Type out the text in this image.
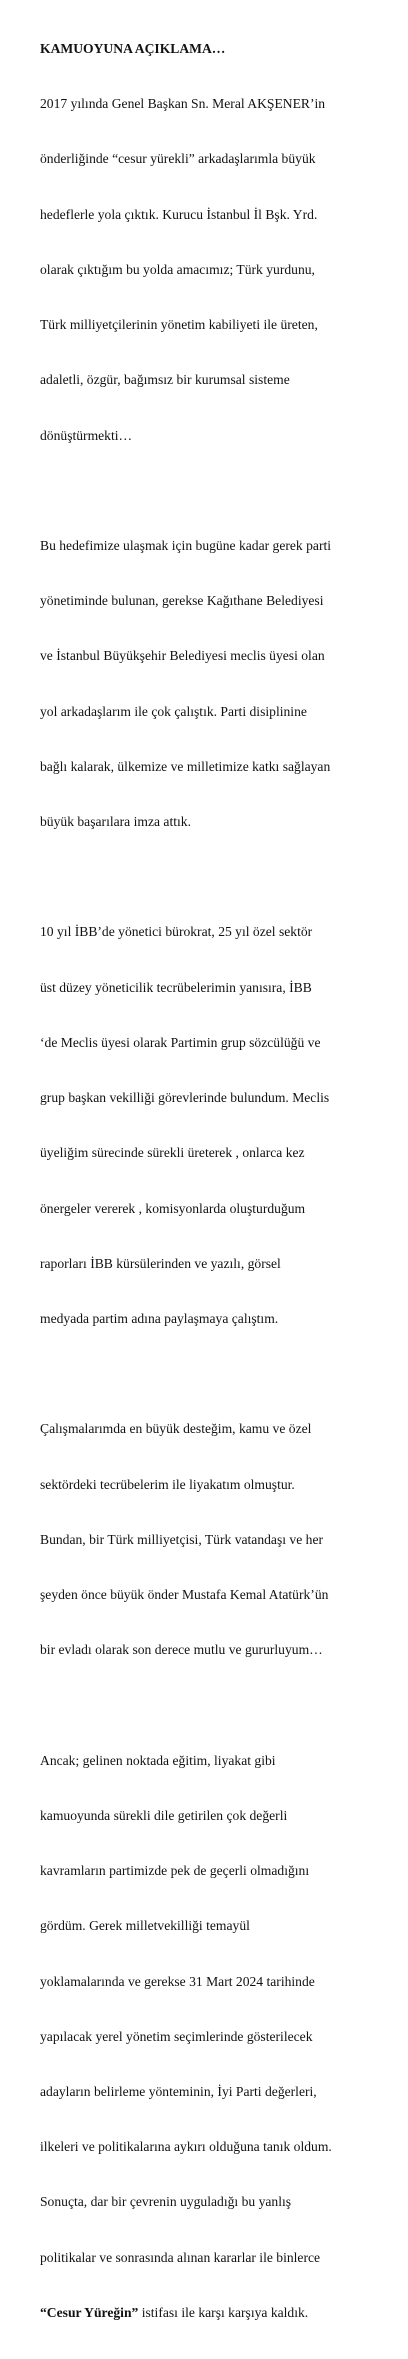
KAMUOYUNA AÇIKLAMA…

2017 yılında Genel Başkan Sn. Meral AKŞENER’in

önderliğinde “cesur yürekli” arkadaşlarımla büyük

hedeflerle yola çıktık. Kurucu İstanbul İl Bşk. Yrd.

olarak çıktığım bu yolda amacımız; Türk yurdunu,

Türk milliyetçilerinin yönetim kabiliyeti ile üreten,

adaletli, özgür, bağımsız bir kurumsal sisteme

dönüştürmekti…

Bu hedefimize ulaşmak için bugüne kadar gerek parti

yönetiminde bulunan, gerekse Kağıthane Belediyesi

ve İstanbul Büyükşehir Belediyesi meclis üyesi olan

yol arkadaşlarım ile çok çalıştık. Parti disiplinine

bağlı kalarak, ülkemize ve milletimize katkı sağlayan

büyük başarılara imza attık.

10 yıl İBB’de yönetici bürokrat, 25 yıl özel sektör

üst düzey yöneticilik tecrübelerimin yanısıra, İBB

‘de Meclis üyesi olarak Partimin grup sözcülüğü ve

grup başkan vekilliği görevlerinde bulundum. Meclis

üyeliğim sürecinde sürekli üreterek , onlarca kez

önergeler vererek , komisyonlarda oluşturduğum

raporları İBB kürsülerinden ve yazılı, görsel

medyada partim adına paylaşmaya çalıştım.

Çalışmalarımda en büyük desteğim, kamu ve özel

sektördeki tecrübelerim ile liyakatım olmuştur.

Bundan, bir Türk milliyetçisi, Türk vatandaşı ve her

şeyden önce büyük önder Mustafa Kemal Atatürk’ün

bir evladı olarak son derece mutlu ve gururluyum…

Ancak; gelinen noktada eğitim, liyakat gibi

kamuoyunda sürekli dile getirilen çok değerli

kavramların partimizde pek de geçerli olmadığını

gördüm. Gerek milletvekilliği temayül

yoklamalarında ve gerekse 31 Mart 2024 tarihinde

yapılacak yerel yönetim seçimlerinde gösterilecek

adayların belirleme yönteminin, İyi Parti değerleri,

ilkeleri ve politikalarına aykırı olduğuna tanık oldum.

Sonuçta, dar bir çevrenin uyguladığı bu yanlış

politikalar ve sonrasında alınan kararlar ile binlerce

“Cesur Yüreğin” istifası ile karşı karşıya kaldık.
